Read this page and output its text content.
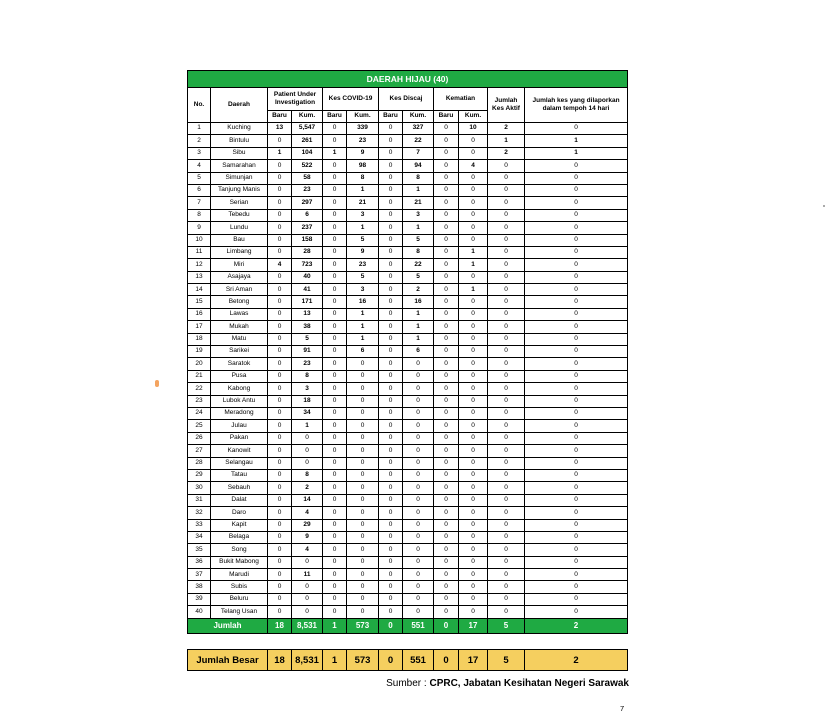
DAERAH HIJAU (40)											
No.	Daerah	Patient Under Investigation		Kes COVID-19		Kes Discaj		Kematian		Jumlah Kes Aktif	Jumlah kes yang dilaporkan dalam tempoh 14 hari
		Baru	Kum.	Baru	Kum.	Baru	Kum.	Baru	Kum.		
1	Kuching	13	5,547	0	339	0	327	0	10	2	0
2	Bintulu	0	261	0	23	0	22	0	0	1	1
3	Sibu	1	104	1	9	0	7	0	0	2	1
4	Samarahan	0	522	0	98	0	94	0	4	0	0
5	Simunjan	0	58	0	8	0	8	0	0	0	0
6	Tanjung Manis	0	23	0	1	0	1	0	0	0	0
7	Serian	0	297	0	21	0	21	0	0	0	0
8	Tebedu	0	6	0	3	0	3	0	0	0	0
9	Lundu	0	237	0	1	0	1	0	0	0	0
10	Bau	0	158	0	5	0	5	0	0	0	0
11	Limbang	0	28	0	9	0	8	0	1	0	0
12	Miri	4	723	0	23	0	22	0	1	0	0
13	Asajaya	0	40	0	5	0	5	0	0	0	0
14	Sri Aman	0	41	0	3	0	2	0	1	0	0
15	Betong	0	171	0	16	0	16	0	0	0	0
16	Lawas	0	13	0	1	0	1	0	0	0	0
17	Mukah	0	38	0	1	0	1	0	0	0	0
18	Matu	0	5	0	1	0	1	0	0	0	0
19	Sarikei	0	91	0	6	0	6	0	0	0	0
20	Saratok	0	23	0	0	0	0	0	0	0	0
21	Pusa	0	8	0	0	0	0	0	0	0	0
22	Kabong	0	3	0	0	0	0	0	0	0	0
23	Lubok Antu	0	18	0	0	0	0	0	0	0	0
24	Meradong	0	34	0	0	0	0	0	0	0	0
25	Julau	0	1	0	0	0	0	0	0	0	0
26	Pakan	0	0	0	0	0	0	0	0	0	0
27	Kanowit	0	0	0	0	0	0	0	0	0	0
28	Selangau	0	0	0	0	0	0	0	0	0	0
29	Tatau	0	8	0	0	0	0	0	0	0	0
30	Sebauh	0	2	0	0	0	0	0	0	0	0
31	Dalat	0	14	0	0	0	0	0	0	0	0
32	Daro	0	4	0	0	0	0	0	0	0	0
33	Kapit	0	29	0	0	0	0	0	0	0	0
34	Belaga	0	9	0	0	0	0	0	0	0	0
35	Song	0	4	0	0	0	0	0	0	0	0
36	Bukit Mabong	0	0	0	0	0	0	0	0	0	0
37	Marudi	0	11	0	0	0	0	0	0	0	0
38	Subis	0	0	0	0	0	0	0	0	0	0
39	Beluru	0	0	0	0	0	0	0	0	0	0
40	Telang Usan	0	0	0	0	0	0	0	0	0	0
Jumlah		18	8,531	1	573	0	551	0	17	5	2
Jumlah Besar	18	8,531	1	573	0	551	0	17	5	2
Sumber : CPRC, Jabatan Kesihatan Negeri Sarawak
7
